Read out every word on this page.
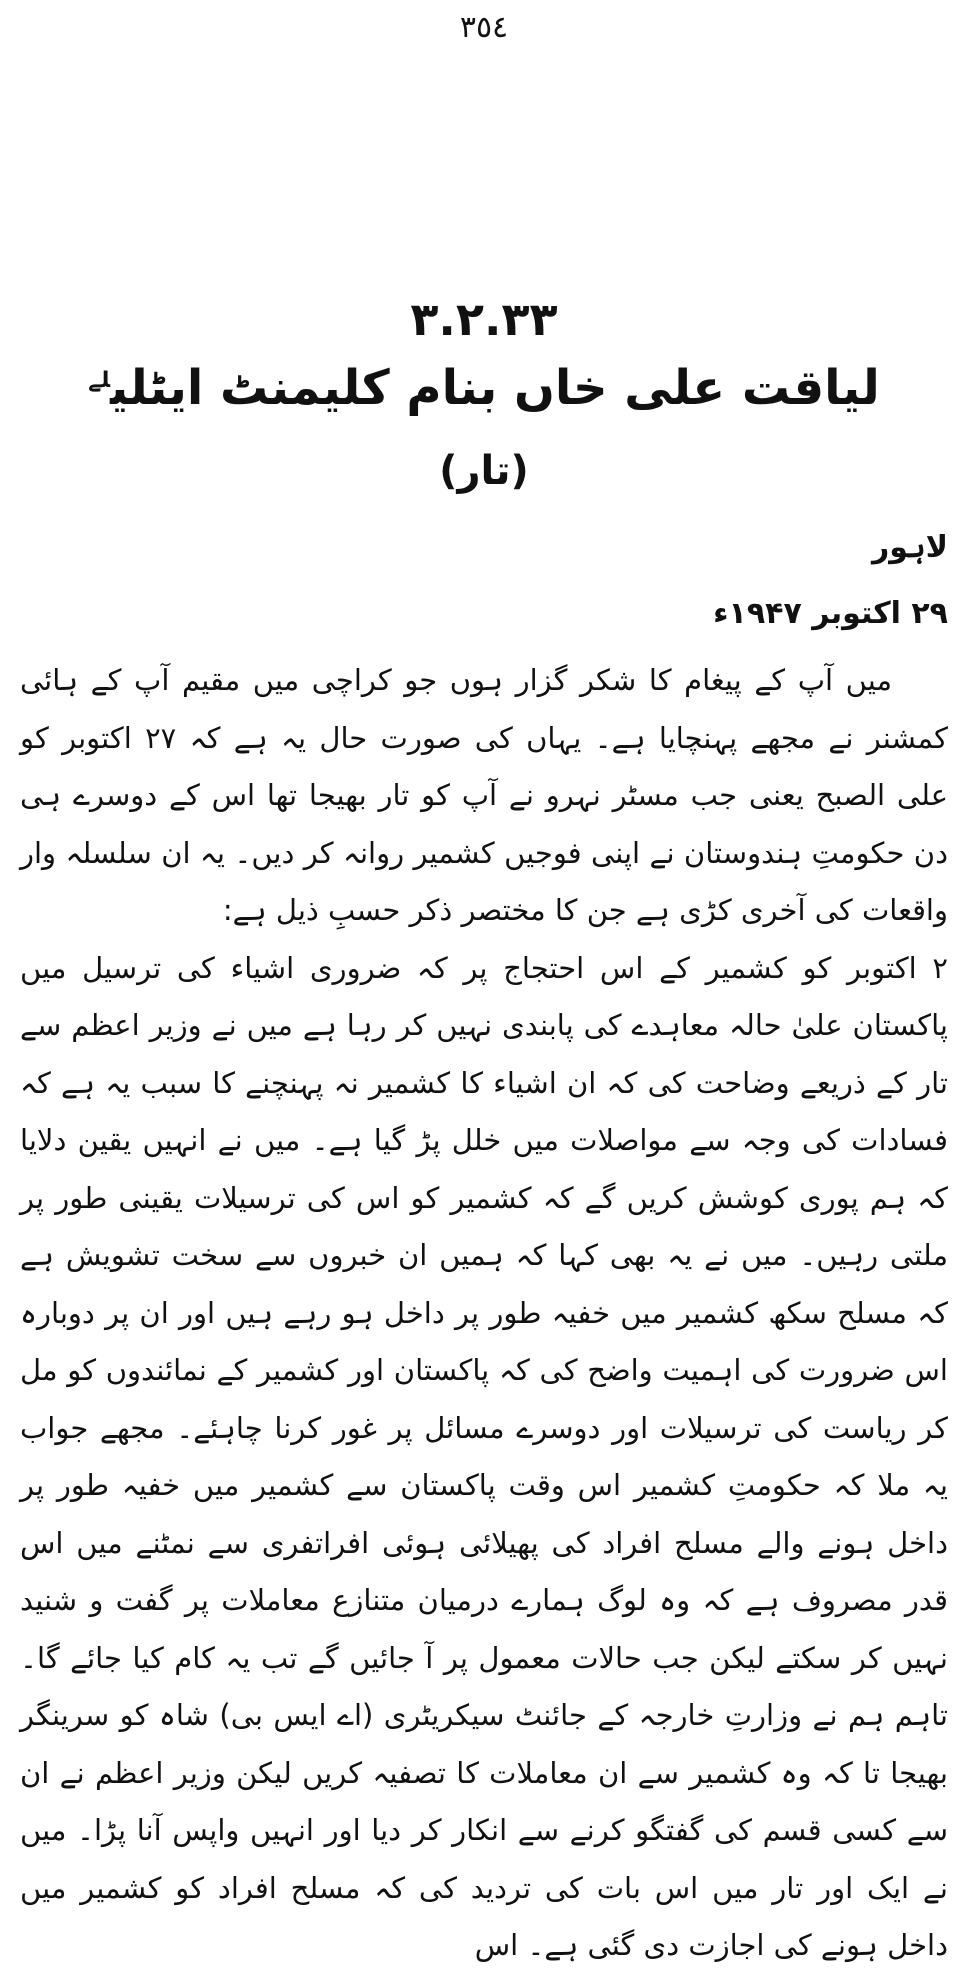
٣٥٤
٣.٢.٣٣
لیاقت علی خاں بنام کلیمنٹ ایٹلی$^{لے}$
(تار)
لاہور
۲۹ اکتوبر ۱۹۴۷ء

میں آپ کے پیغام کا شکر گزار ہوں جو کراچی میں مقیم آپ کے ہائی کمشنر نے مجھے پہنچایا ہے۔ یہاں کی صورت حال یہ ہے کہ ۲۷ اکتوبر کو علی الصبح یعنی جب مسٹر نہرو نے آپ کو تار بھیجا تھا اس کے دوسرے ہی دن حکومتِ ہندوستان نے اپنی فوجیں کشمیر روانہ کر دیں۔ یہ ان سلسلہ وار واقعات کی آخری کڑی ہے جن کا مختصر ذکر حسبِ ذیل ہے:

۲ اکتوبر کو کشمیر کے اس احتجاج پر کہ ضروری اشیاء کی ترسیل میں پاکستان علیٰ حالہ معاہدے کی پابندی نہیں کر رہا ہے میں نے وزیر اعظم سے تار کے ذریعے وضاحت کی کہ ان اشیاء کا کشمیر نہ پہنچنے کا سبب یہ ہے کہ فسادات کی وجہ سے مواصلات میں خلل پڑ گیا ہے۔ میں نے انہیں یقین دلایا کہ ہم پوری کوشش کریں گے کہ کشمیر کو اس کی ترسیلات یقینی طور پر ملتی رہیں۔ میں نے یہ بھی کہا کہ ہمیں ان خبروں سے سخت تشویش ہے کہ مسلح سکھ کشمیر میں خفیہ طور پر داخل ہو رہے ہیں اور ان پر دوبارہ اس ضرورت کی اہمیت واضح کی کہ پاکستان اور کشمیر کے نمائندوں کو مل کر ریاست کی ترسیلات اور دوسرے مسائل پر غور کرنا چاہئے۔ مجھے جواب یہ ملا کہ حکومتِ کشمیر اس وقت پاکستان سے کشمیر میں خفیہ طور پر داخل ہونے والے مسلح افراد کی پھیلائی ہوئی افراتفری سے نمٹنے میں اس قدر مصروف ہے کہ وہ لوگ ہمارے درمیان متنازع معاملات پر گفت و شنید نہیں کر سکتے لیکن جب حالات معمول پر آ جائیں گے تب یہ کام کیا جائے گا۔ تاہم ہم نے وزارتِ خارجہ کے جائنٹ سیکریٹری (اے ایس بی) شاہ کو سرینگر بھیجا تا کہ وہ کشمیر سے ان معاملات کا تصفیہ کریں لیکن وزیر اعظم نے ان سے کسی قسم کی گفتگو کرنے سے انکار کر دیا اور انہیں واپس آنا پڑا۔ میں نے ایک اور تار میں اس بات کی تردید کی کہ مسلح افراد کو کشمیر میں داخل ہونے کی اجازت دی گئی ہے۔ اس
